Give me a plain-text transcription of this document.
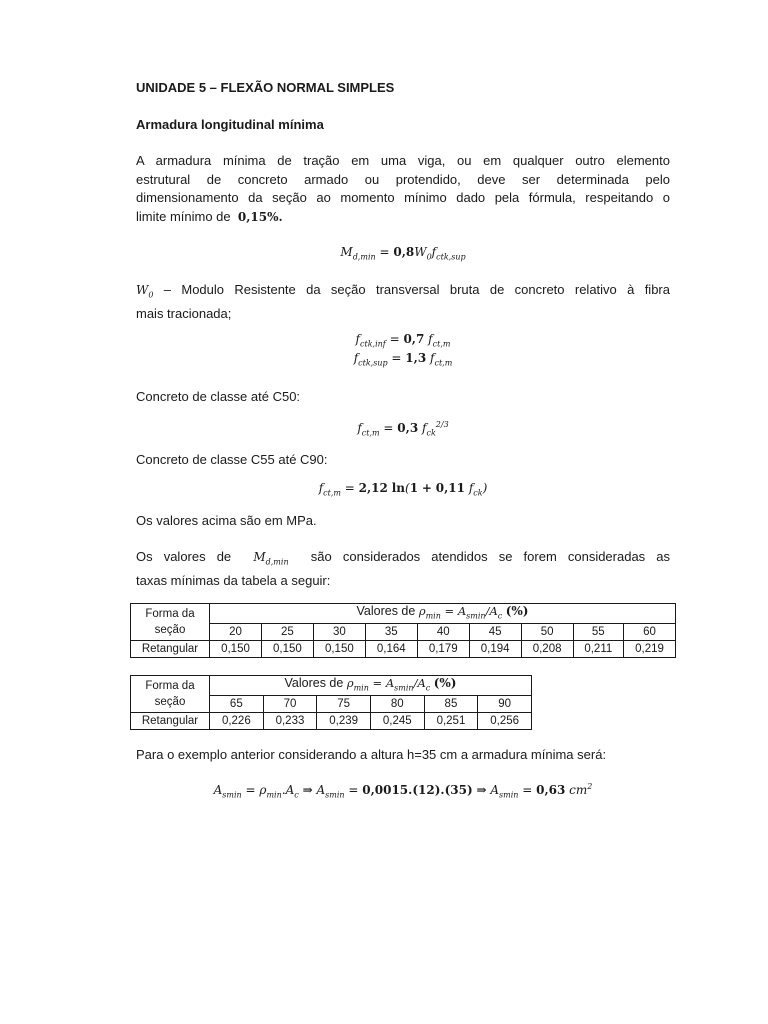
UNIDADE 5 – FLEXÃO NORMAL SIMPLES
Armadura longitudinal mínima
A armadura mínima de tração em uma viga, ou em qualquer outro elemento
estrutural de concreto armado ou protendido, deve ser determinada pelo
dimensionamento da seção ao momento mínimo dado pela fórmula, respeitando o
limite mínimo de 0,15%.
$M_{d,min} = 0,8W_0f_{ctk,sup}$
$W_0$ – Modulo Resistente da seção transversal bruta de concreto relativo à fibra
mais tracionada;
$f_{ctk,inf} = 0,7$ $f_{ct,m}$
$f_{ctk,sup} = 1,3$ $f_{ct,m}$
Concreto de classe até C50:
$f_{ct,m} = 0,3$ $f_{ck}^{2/3}$
Concreto de classe C55 até C90:
$f_{ct,m} = 2,12$ ln(1 + 0,11 $f_{ck}$)
Os valores acima são em MPa.
Os valores de $M_{d,min}$ são considerados atendidos se forem consideradas as
taxas mínimas da tabela a seguir:
Forma da
seção	Valores de $\rho_{min} = A_{smin}/A_c$ (%)								
	20	25	30	35	40	45	50	55	60
Retangular	0,150	0,150	0,150	0,164	0,179	0,194	0,208	0,211	0,219
Forma da
seção	Valores de $\rho_{min} = A_{smin}/A_c$ (%)					
	65	70	75	80	85	90
Retangular	0,226	0,233	0,239	0,245	0,251	0,256
Para o exemplo anterior considerando a altura h=35 cm a armadura mínima será:
$A_{smin} = \rho_{min}.A_c$ ⇒ $A_{smin} = 0,0015.(12).(35)$ ⇒ $A_{smin} = 0,63$ $cm^2$
